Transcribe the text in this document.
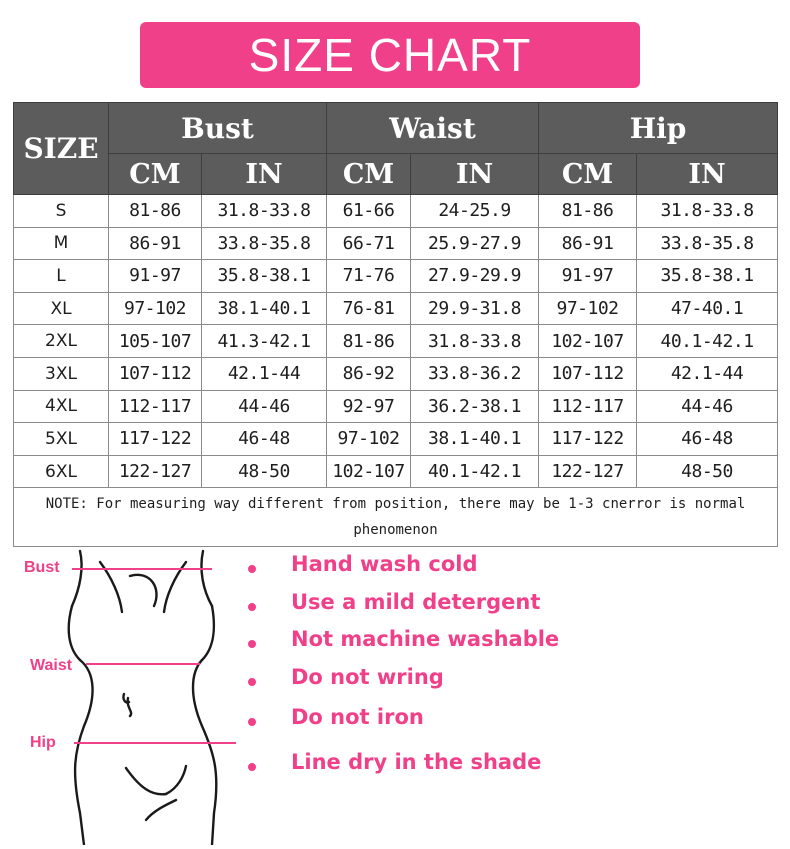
SIZE CHART
SIZE	Bust		Waist		Hip	
	CM	IN	CM	IN	CM	IN
S	81-86	31.8-33.8	61-66	24-25.9	81-86	31.8-33.8
M	86-91	33.8-35.8	66-71	25.9-27.9	86-91	33.8-35.8
L	91-97	35.8-38.1	71-76	27.9-29.9	91-97	35.8-38.1
XL	97-102	38.1-40.1	76-81	29.9-31.8	97-102	47-40.1
2XL	105-107	41.3-42.1	81-86	31.8-33.8	102-107	40.1-42.1
3XL	107-112	42.1-44	86-92	33.8-36.2	107-112	42.1-44
4XL	112-117	44-46	92-97	36.2-38.1	112-117	44-46
5XL	117-122	46-48	97-102	38.1-40.1	117-122	46-48
6XL	122-127	48-50	102-107	40.1-42.1	122-127	48-50
NOTE: For measuring way different from position, there may be 1-3 cnerror is normal phenomenon						
Bust
Waist
Hip
Hand wash cold
Use a mild detergent
Not machine washable
Do not wring
Do not iron
Line dry in the shade
